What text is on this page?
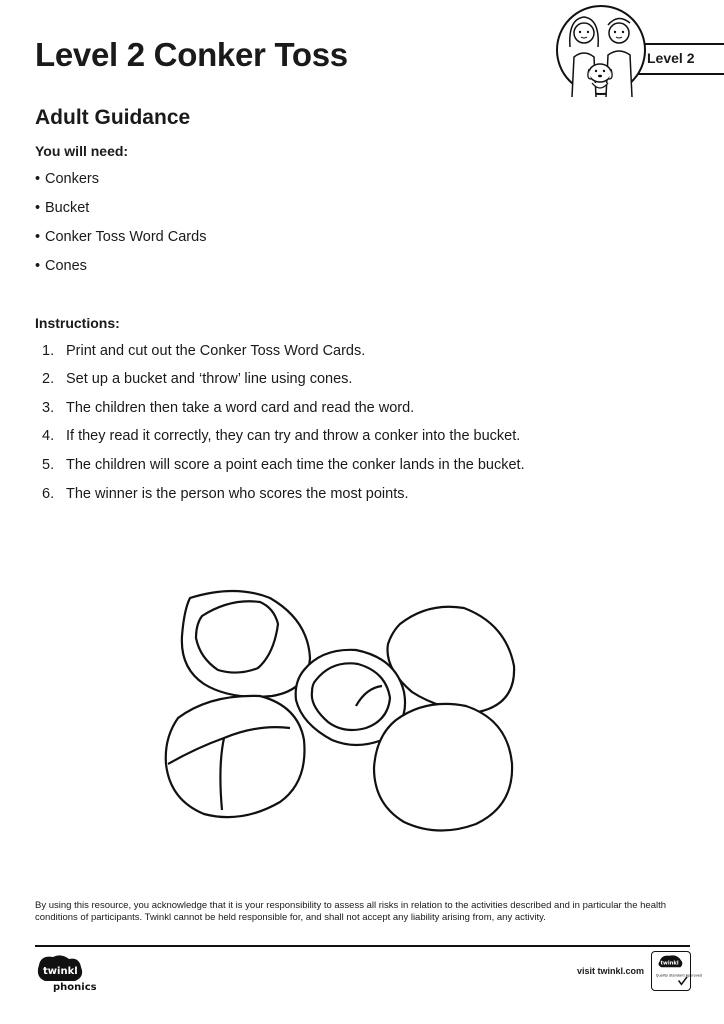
Level 2 Conker Toss	Level 2
Adult Guidance
You will need:
• Conkers
• Bucket
• Conker Toss Word Cards
• Cones
Instructions:
1. Print and cut out the Conker Toss Word Cards.
2. Set up a bucket and ‘throw’ line using cones.
3. The children then take a word card and read the word.
4. If they read it correctly, they can try and throw a conker into the bucket.
5. The children will score a point each time the conker lands in the bucket.
6. The winner is the person who scores the most points.
By using this resource, you acknowledge that it is your responsibility to assess all risks in relation to the activities described and in particular the health conditions of participants. Twinkl cannot be held responsible for, and shall not accept any liability arising from, any activity.
twinkl
phonics
visit twinkl.com
twinkl
Quality Standard Approved
